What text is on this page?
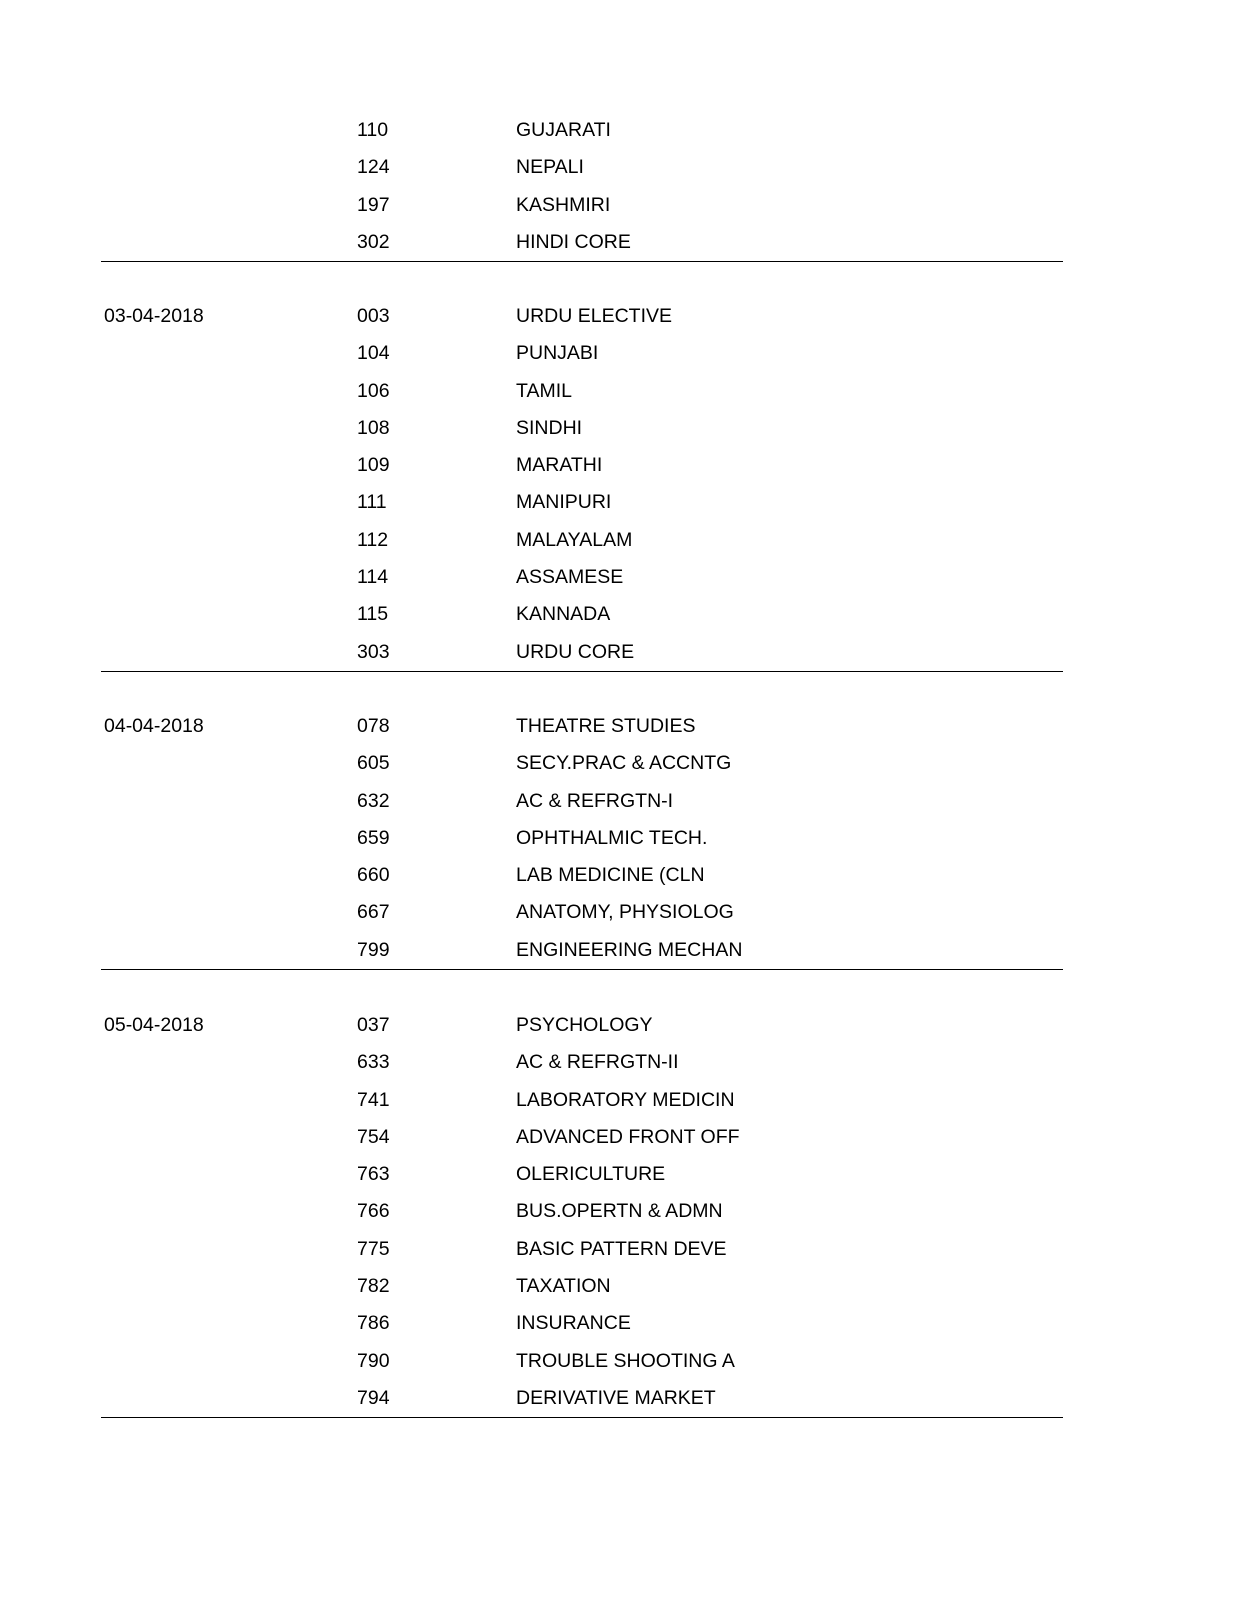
110	GUJARATI
124	NEPALI
197	KASHMIRI
302	HINDI CORE
03-04-2018	003	URDU ELECTIVE
104	PUNJABI
106	TAMIL
108	SINDHI
109	MARATHI
111	MANIPURI
112	MALAYALAM
114	ASSAMESE
115	KANNADA
303	URDU CORE
04-04-2018	078	THEATRE STUDIES
605	SECY.PRAC & ACCNTG
632	AC & REFRGTN-I
659	OPHTHALMIC TECH.
660	LAB MEDICINE (CLN
667	ANATOMY, PHYSIOLOG
799	ENGINEERING MECHAN
05-04-2018	037	PSYCHOLOGY
633	AC & REFRGTN-II
741	LABORATORY MEDICIN
754	ADVANCED FRONT OFF
763	OLERICULTURE
766	BUS.OPERTN & ADMN
775	BASIC PATTERN DEVE
782	TAXATION
786	INSURANCE
790	TROUBLE SHOOTING A
794	DERIVATIVE MARKET
